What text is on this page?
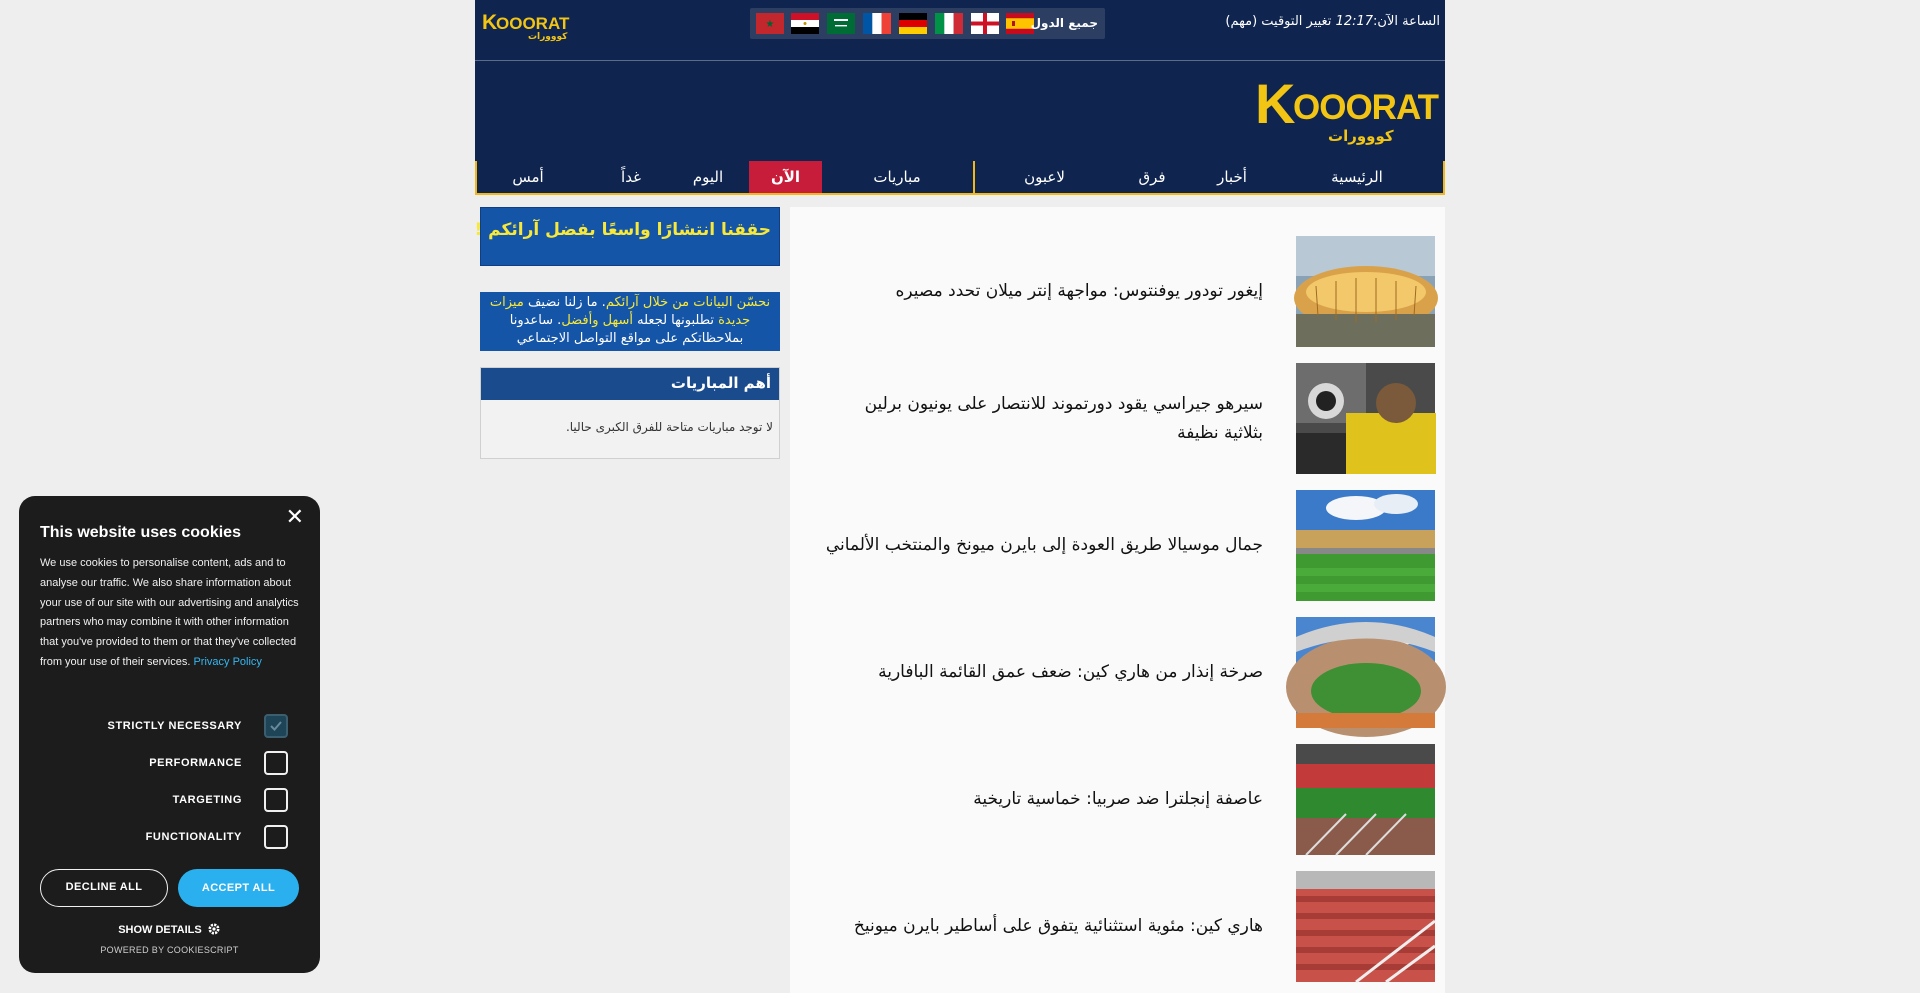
K OOORAT
كووورات
★	جميع الدول	الساعة الآن:12:17 تغيير التوقيت (مهم)
K
OOORAT
كووورات
الرئيسية
أخبار
فرق
لاعبون
مباريات
الآن
اليوم
غداً
أمس
إيغور تودور يوفنتوس: مواجهة إنتر ميلان تحدد مصيره
سيرهو جيراسي يقود دورتموند للانتصار على يونيون برلين بثلاثية نظيفة
جمال موسيالا طريق العودة إلى بايرن ميونخ والمنتخب الألماني
صرخة إنذار من هاري كين: ضعف عمق القائمة البافارية
عاصفة إنجلترا ضد صربيا: خماسية تاريخية
هاري كين: مئوية استثنائية يتفوق على أساطير بايرن ميونيخ
حققنا انتشارًا واسعًا بفضل آرائكم !
نحسّن البيانات من خلال آرائكم. ما زلنا نضيف ميزات جديدة تطلبونها لجعله أسهل وأفضل. ساعدونا بملاحظاتكم على مواقع التواصل الاجتماعي
أهم المباريات
لا توجد مباريات متاحة للفرق الكبرى حاليا.
✕
This website uses cookies
We use cookies to personalise content, ads and to analyse our traffic. We also share information about your use of our site with our advertising and analytics partners who may combine it with other information that you've provided to them or that they've collected from your use of their services. Privacy Policy
STRICTLY NECESSARY
PERFORMANCE
TARGETING
FUNCTIONALITY
DECLINE ALL	ACCEPT ALL
SHOW DETAILS
POWERED BY COOKIESCRIPT
